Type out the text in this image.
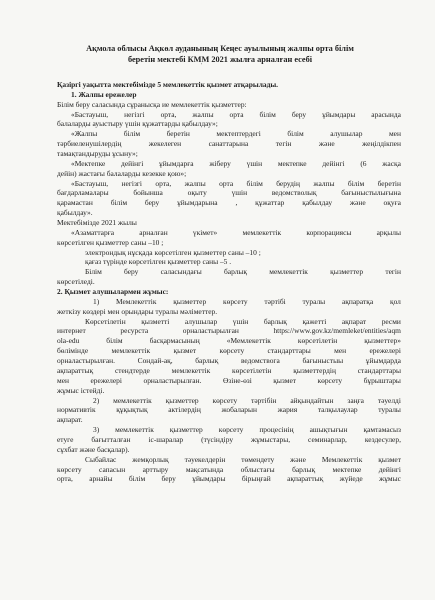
Ақмола облысы Ақкөл ауданының Кеңес ауылының жалпы орта білім
беретін мектебі КММ 2021 жылға арналған есебі
'
Қазіргі уақытта мектебімізде 5 мемлекеттік қызмет атқарылады.
1. Жалпы ережелер
Білім беру саласында сұранысқа ие мемлекеттік қызметтер:
«Бастауыш, негізгі орта, жалпы орта білім беру ұйымдары арасында
балаларды ауыстыру үшін құжаттарды қабылдау»;
«Жалпы	білім	беретін	мектептердегі	білім	алушылар	мен
тәрбиеленушілердің	жекелеген	санаттарына	тегін	және	жеңілдікпен
тамақтандыруды ұсыну»;
«Мектепке дейінгі ұйымдарға жіберу үшін мектепке дейінгі (6 жасқа
дейін) жастағы балаларды кезекке қою»;
«Бастауыш, негізгі орта, жалпы орта білім берудің жалпы білім беретін
бағдарламалары	бойынша	оқыту	үшін	ведомстволық	бағыныстылығына
қарамастан білім беру ұйымдарына , құжаттар қабылдау және оқуға
қабылдау».
Мектебімізде 2021 жылы
«Азаматтарға	арналған	үкімет»	мемлекеттік	корпорациясы	арқылы
көрсетілген қызметтер саны –10 ;
электрондық нұсқада көрсетілген қызметтер саны –10 ;
қағаз түрінде көрсетілген қызметтер саны –5 .
Білім	беру	саласындағы	барлық	мемлекеттік	қызметтер	тегін
көрсетіледі.
2. Қызмет алушылармен жұмыс:
1) Мемлекеттік қызметтер көрсету тәртібі туралы ақпаратқа қол
жеткізу көздері мен орындары туралы мәліметтер.
Көрсетілетін қызметті алушылар үшін барлық қажетті ақпарат ресми
интернет	ресурста	орналастырылған	https://www.gov.kz/memleket/entities/aqm
ola-edu	білім	басқармасының	«Мемлекеттік	көрсетілетін	қызметтер»
бөлімінде	мемлекеттік	қызмет	көрсету	стандарттары	мен	ережелері
орналастырылған.	Сондай-ақ,	барлық	ведомствога	бағыныстыы	ұйымдарда
ақпараттық	стендтерде	мемлекеттік	көрсетілетін	қызметтердің	стандарттары
мен	ережелері	орналастырылған.	Өзіне-өзі	қызмет	көрсету	бұрыштары
жұмыс істейді.
2) мемлекеттік қызметтер көрсету тәртібін айқындайтын заңға тәуелді
нормативтік	құқықтық	актілердің	жобаларын	жария	талқылаулар	туралы
ақпарат.
3) мемлекеттік қызметтер көрсету процесінің ашықтығын қамтамасыз
етуге бағытталған іс-шаралар (түсіндіру жұмыстары, семинарлар, кездесулер,
сұхбат және басқалар).
Сыбайлас жемқорлық тәуекелдерін төмендету және Мемлекеттік қызмет
көрсету сапасын арттыру мақсатында облыстағы барлық мектепке дейінгі
орта, арнайы білім беру ұйымдары бірыңғай ақпараттық жүйеде жұмыс
